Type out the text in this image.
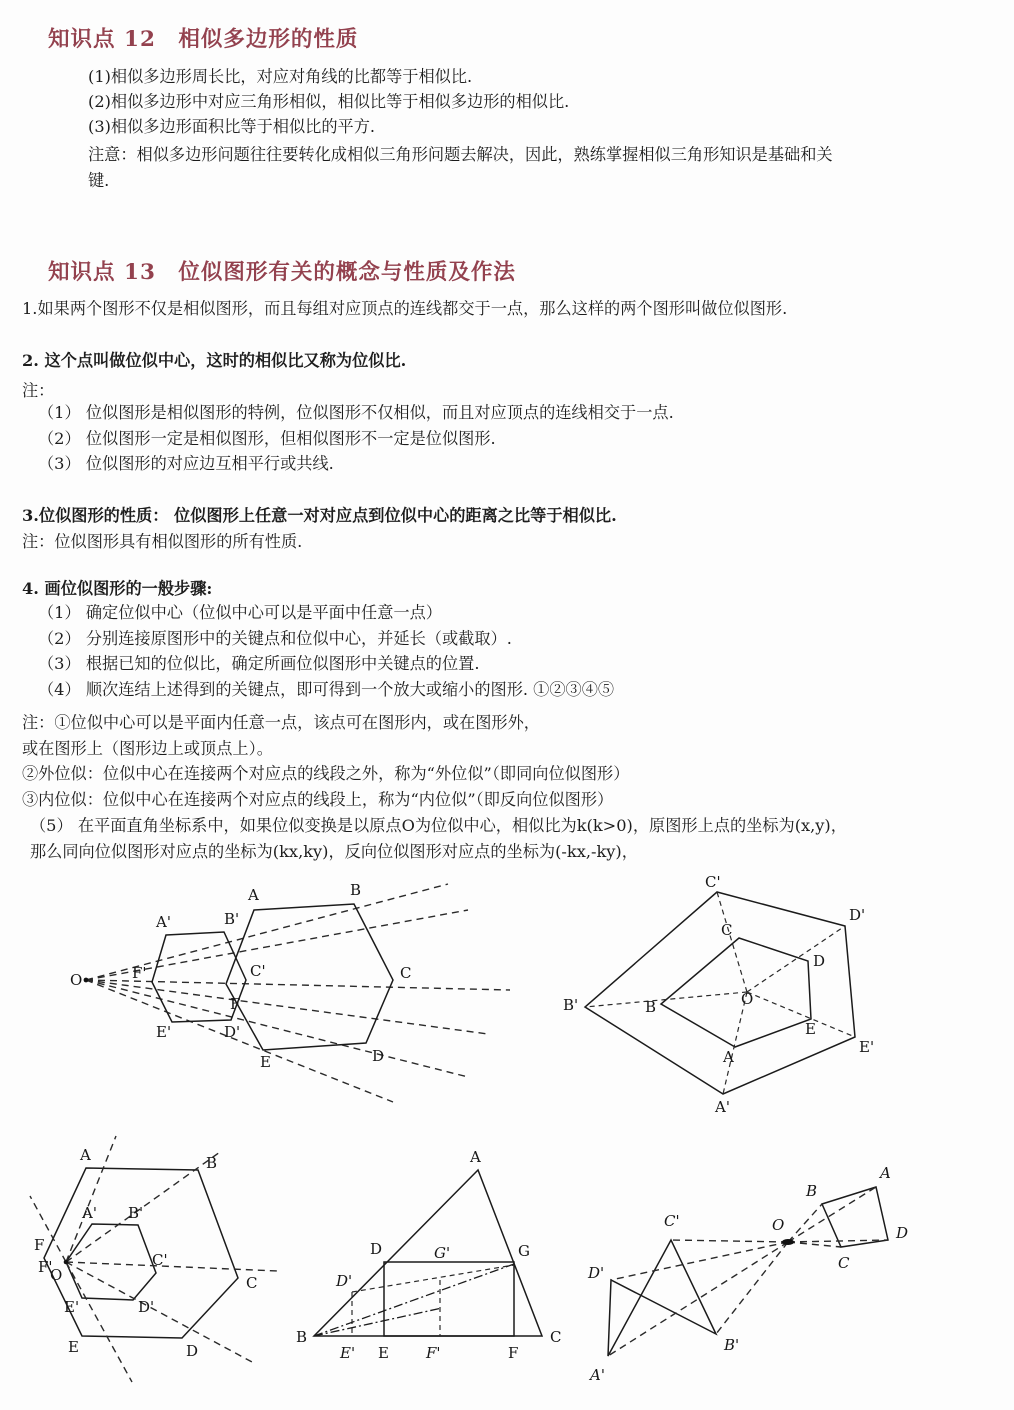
知识点 12　相似多边形的性质
(1)相似多边形周长比，对应对角线的比都等于相似比.
(2)相似多边形中对应三角形相似，相似比等于相似多边形的相似比.
(3)相似多边形面积比等于相似比的平方.
注意：相似多边形问题往往要转化成相似三角形问题去解决，因此，熟练掌握相似三角形知识是基础和关
键.
知识点 13　位似图形有关的概念与性质及作法
1.如果两个图形不仅是相似图形，而且每组对应顶点的连线都交于一点，那么这样的两个图形叫做位似图形.
2. 这个点叫做位似中心，这时的相似比又称为位似比.
注：
（1） 位似图形是相似图形的特例，位似图形不仅相似，而且对应顶点的连线相交于一点.
（2） 位似图形一定是相似图形，但相似图形不一定是位似图形.
（3） 位似图形的对应边互相平行或共线.
3.位似图形的性质： 位似图形上任意一对对应点到位似中心的距离之比等于相似比.
注：位似图形具有相似图形的所有性质.
4. 画位似图形的一般步骤:
（1） 确定位似中心（位似中心可以是平面中任意一点）
（2） 分别连接原图形中的关键点和位似中心，并延长（或截取）.
（3） 根据已知的位似比，确定所画位似图形中关键点的位置.
（4） 顺次连结上述得到的关键点，即可得到一个放大或缩小的图形. ①②③④⑤
注：①位似中心可以是平面内任意一点，该点可在图形内，或在图形外，
或在图形上（图形边上或顶点上）。
②外位似：位似中心在连接两个对应点的线段之外，称为“外位似”（即同向位似图形）
③内位似：位似中心在连接两个对应点的线段上，称为“内位似”（即反向位似图形）
（5） 在平面直角坐标系中，如果位似变换是以原点O为位似中心，相似比为k(k>0)，原图形上点的坐标为(x,y)，
那么同向位似图形对应点的坐标为(kx,ky)，反向位似图形对应点的坐标为(-kx,-ky)，
O
A'	B'
C'
D'
E'
F'
A	B
C
D
E
F	O
A
B
C
D
E
A'
B'
C'
D'
E'
O
A	B
C
D
E
F
A' B'
C'
D'
E'
F'
A
B	C
D
E	F
G
D'
E'	F'
G'
O
A
B
C
D
A'
B'
C'
D'
